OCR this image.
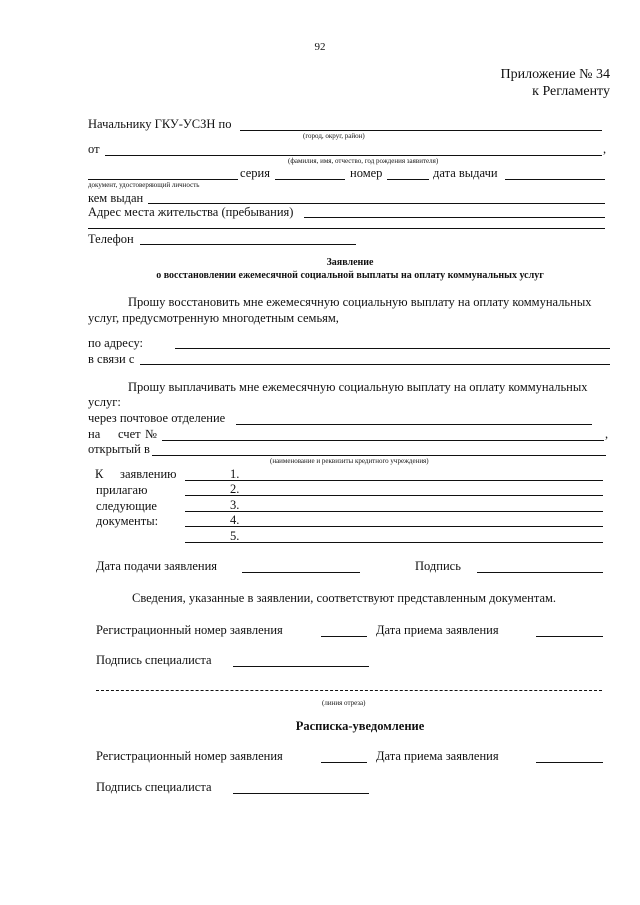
92
Приложение № 34
к Регламенту
Начальнику ГКУ-УСЗН по
(город, округ, район)
от	,
(фамилия, имя, отчество, год рождения заявителя)
серия	номер	дата выдачи
документ, удостоверяющий личность
кем выдан
Адрес места жительства (пребывания)
Телефон
Заявление
о восстановлении ежемесячной социальной выплаты на оплату коммунальных услуг
Прошу восстановить мне ежемесячную социальную выплату на оплату коммунальных
услуг, предусмотренную многодетным семьям,
по адресу:
в связи с
Прошу выплачивать мне ежемесячную социальную выплату на оплату коммунальных
услуг:
через почтовое отделение
на счет №	,
открытый в
(наименование и реквизиты кредитного учреждения)
К заявлению
прилагаю
следующие
документы:
1.
2.
3.
4.
5.
Дата подачи заявления	Подпись
Сведения, указанные в заявлении, соответствуют представленным документам.
Регистрационный номер заявления	Дата приема заявления
Подпись специалиста
(линия отреза)
Расписка-уведомление
Регистрационный номер заявления	Дата приема заявления
Подпись специалиста
